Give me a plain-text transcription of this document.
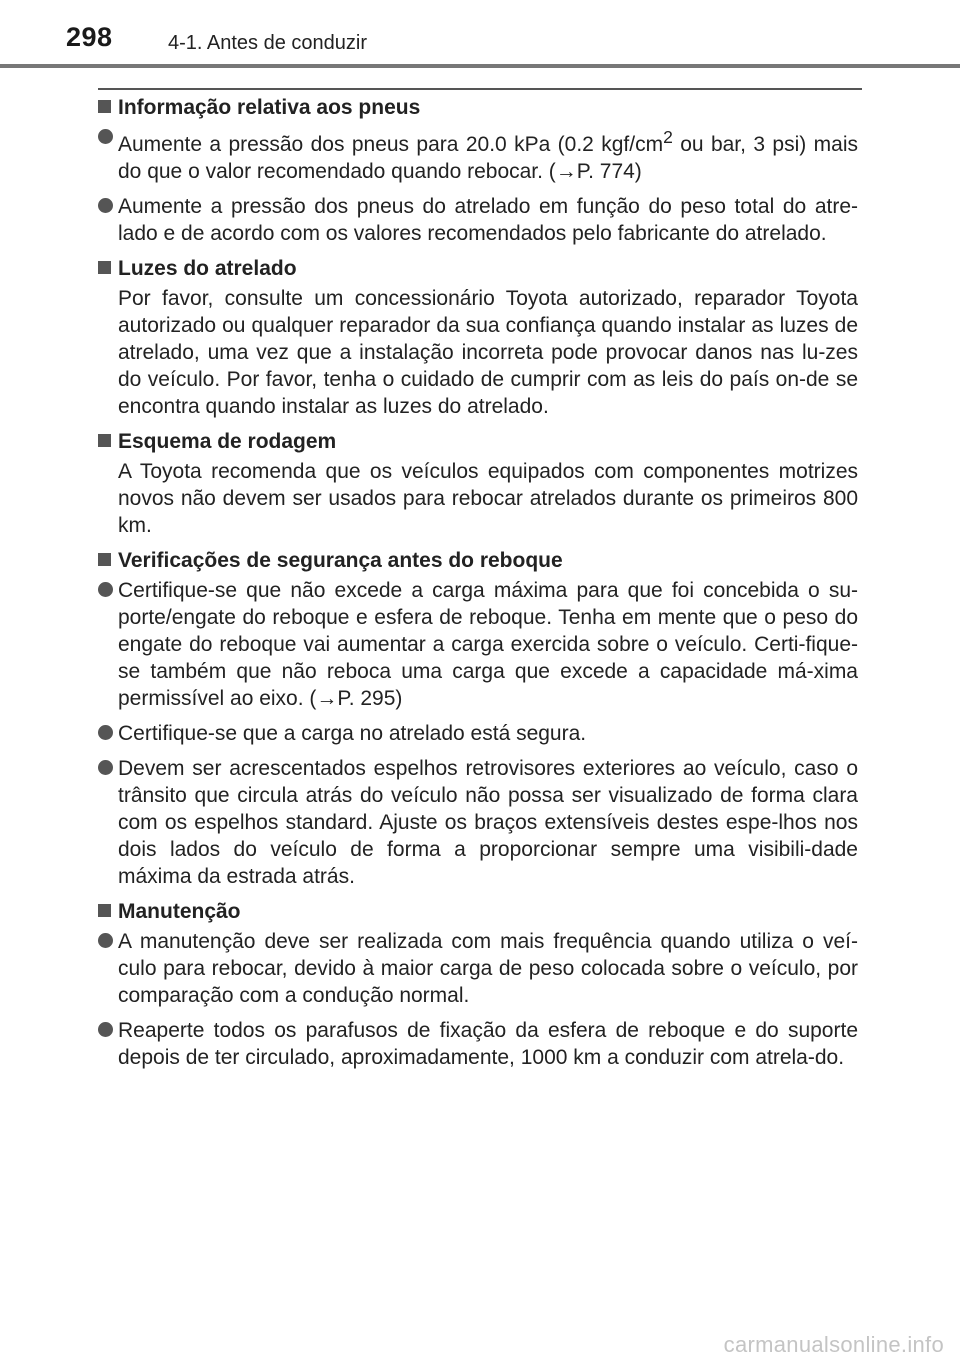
298	4-1. Antes de conduzir
Informação relativa aos pneus
Aumente a pressão dos pneus para 20.0 kPa (0.2 kgf/$cm^2$ ou bar, 3 psi) mais do que o valor recomendado quando rebocar. (→P. 774)
Aumente a pressão dos pneus do atrelado em função do peso total do atre-lado e de acordo com os valores recomendados pelo fabricante do atrelado.
Luzes do atrelado
Por favor, consulte um concessionário Toyota autorizado, reparador Toyota autorizado ou qualquer reparador da sua confiança quando instalar as luzes de atrelado, uma vez que a instalação incorreta pode provocar danos nas lu-zes do veículo. Por favor, tenha o cuidado de cumprir com as leis do país on-de se encontra quando instalar as luzes do atrelado.
Esquema de rodagem
A Toyota recomenda que os veículos equipados com componentes motrizes novos não devem ser usados para rebocar atrelados durante os primeiros 800 km.
Verificações de segurança antes do reboque
Certifique-se que não excede a carga máxima para que foi concebida o su-porte/engate do reboque e esfera de reboque. Tenha em mente que o peso do engate do reboque vai aumentar a carga exercida sobre o veículo. Certi-fique-se também que não reboca uma carga que excede a capacidade má-xima permissível ao eixo. (→P. 295)
Certifique-se que a carga no atrelado está segura.
Devem ser acrescentados espelhos retrovisores exteriores ao veículo, caso o trânsito que circula atrás do veículo não possa ser visualizado de forma clara com os espelhos standard. Ajuste os braços extensíveis destes espe-lhos nos dois lados do veículo de forma a proporcionar sempre uma visibili-dade máxima da estrada atrás.
Manutenção
A manutenção deve ser realizada com mais frequência quando utiliza o veí-culo para rebocar, devido à maior carga de peso colocada sobre o veículo, por comparação com a condução normal.
Reaperte todos os parafusos de fixação da esfera de reboque e do suporte depois de ter circulado, aproximadamente, 1000 km a conduzir com atrela-do.
carmanualsonline.info
